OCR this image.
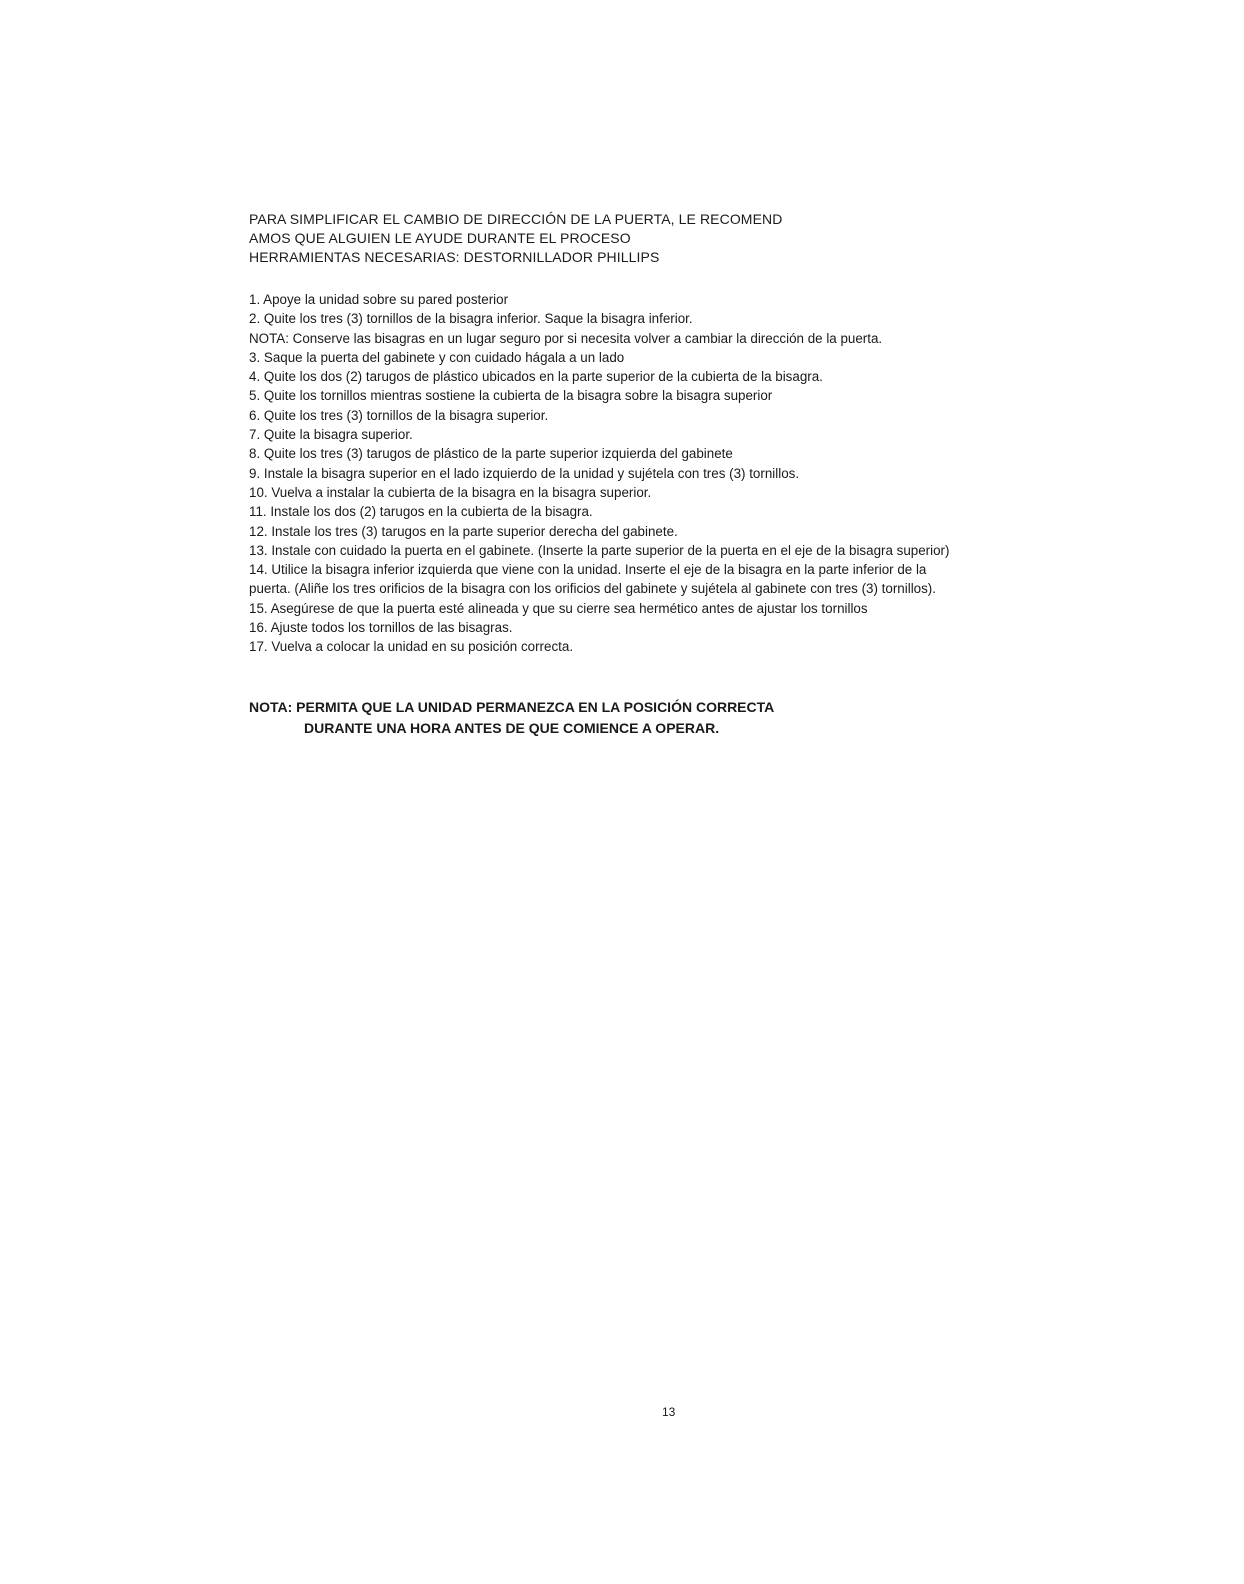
PARA SIMPLIFICAR EL CAMBIO DE DIRECCIÓN DE LA PUERTA, LE RECOMEND
AMOS QUE ALGUIEN LE AYUDE DURANTE EL PROCESO
HERRAMIENTAS NECESARIAS: DESTORNILLADOR PHILLIPS
1. Apoye la unidad sobre su pared posterior
2. Quite los tres (3) tornillos de la bisagra inferior. Saque la bisagra inferior.
NOTA: Conserve las bisagras en un lugar seguro por si necesita volver a cambiar la dirección de la puerta.
3. Saque la puerta del gabinete y con cuidado hágala a un lado
4. Quite los dos (2) tarugos de plástico ubicados en la parte superior de la cubierta de la bisagra.
5. Quite los tornillos mientras sostiene la cubierta de la bisagra sobre la bisagra superior
6. Quite los tres (3) tornillos de la bisagra superior.
7. Quite la bisagra superior.
8. Quite los tres (3) tarugos de plástico de la parte superior izquierda del gabinete
9. Instale la bisagra superior en el lado izquierdo de la unidad y sujétela con tres (3) tornillos.
10. Vuelva a instalar la cubierta de la bisagra en la bisagra superior.
11. Instale los dos (2) tarugos en la cubierta de la bisagra.
12. Instale los tres (3) tarugos en la parte superior derecha del gabinete.
13. Instale con cuidado la puerta en el gabinete. (Inserte la parte superior de la puerta en el eje de la bisagra superior)
14. Utilice la bisagra inferior izquierda que viene con la unidad. Inserte el eje de la bisagra en la parte inferior de la
puerta. (Aliñe los tres orificios de la bisagra con los orificios del gabinete y sujétela al gabinete con tres (3) tornillos).
15. Asegúrese de que la puerta esté alineada y que su cierre sea hermético antes de ajustar los tornillos
16. Ajuste todos los tornillos de las bisagras.
17. Vuelva a colocar la unidad en su posición correcta.
NOTA: PERMITA QUE LA UNIDAD PERMANEZCA EN LA POSICIÓN CORRECTA
DURANTE UNA HORA ANTES DE QUE COMIENCE A OPERAR.
13
